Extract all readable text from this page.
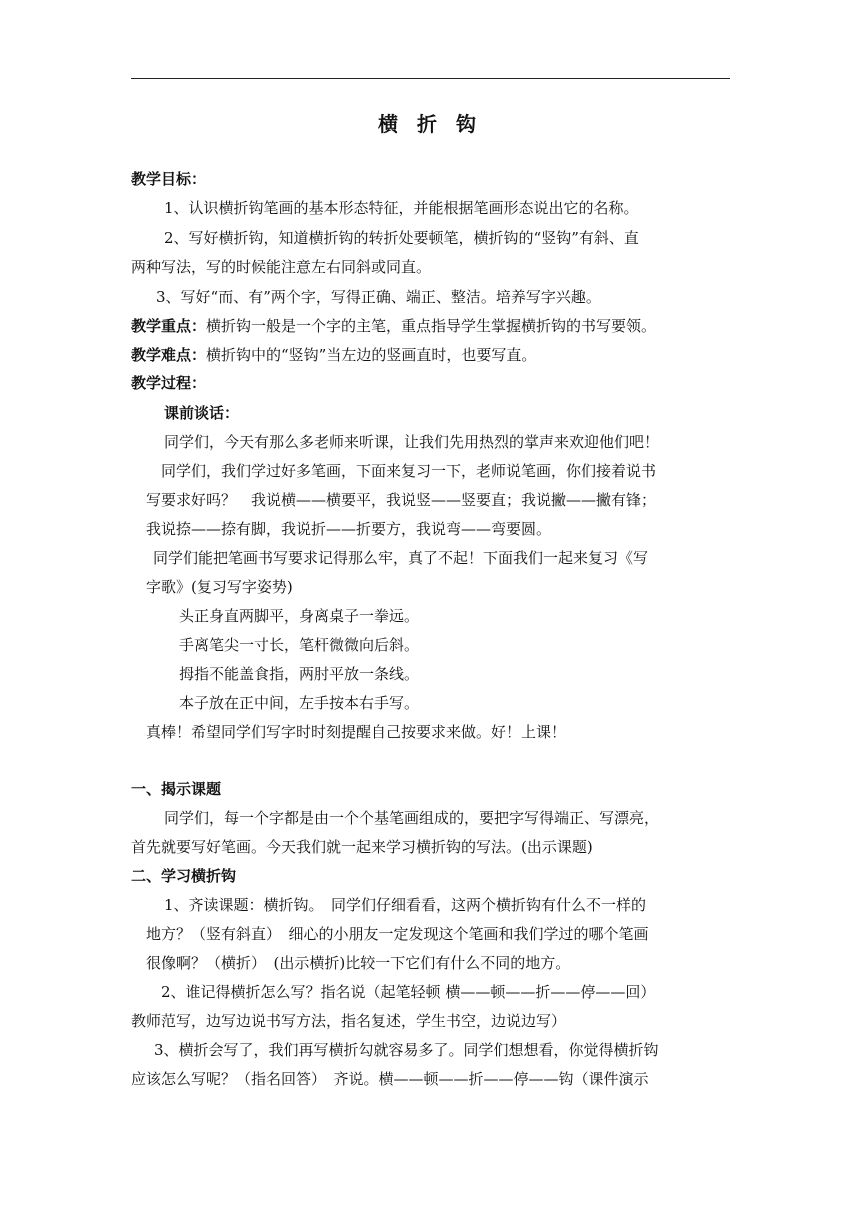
横 折 钩
教学目标：
1、认识横折钩笔画的基本形态特征，并能根据笔画形态说出它的名称。
2、写好横折钩，知道横折钩的转折处要顿笔，横折钩的“竖钩”有斜、直
两种写法，写的时候能注意左右同斜或同直。
3、写好“而、有”两个字，写得正确、端正、整洁。培养写字兴趣。
教学重点：横折钩一般是一个字的主笔，重点指导学生掌握横折钩的书写要领。
教学难点：横折钩中的“竖钩”当左边的竖画直时，也要写直。
教学过程：
课前谈话：
同学们，今天有那么多老师来听课，让我们先用热烈的掌声来欢迎他们吧！
同学们，我们学过好多笔画，下面来复习一下，老师说笔画，你们接着说书
写要求好吗？　我说横——横要平，我说竖——竖要直；我说撇——撇有锋；
我说捺——捺有脚，我说折——折要方，我说弯——弯要圆。
同学们能把笔画书写要求记得那么牢，真了不起！下面我们一起来复习《写
字歌》(复习写字姿势)
头正身直两脚平，身离桌子一拳远。
手离笔尖一寸长，笔杆微微向后斜。
拇指不能盖食指，两肘平放一条线。
本子放在正中间，左手按本右手写。
真棒！希望同学们写字时时刻提醒自己按要求来做。好！上课！
一、揭示课题
同学们，每一个字都是由一个个基笔画组成的，要把字写得端正、写漂亮，
首先就要写好笔画。今天我们就一起来学习横折钩的写法。(出示课题)
二、学习横折钩
1、齐读课题：横折钩。　同学们仔细看看，这两个横折钩有什么不一样的
地方？（竖有斜直）　细心的小朋友一定发现这个笔画和我们学过的哪个笔画
很像啊？（横折）　(出示横折)比较一下它们有什么不同的地方。
2、谁记得横折怎么写？指名说（起笔轻顿 横——顿——折——停——回）
教师范写，边写边说书写方法，指名复述，学生书空，边说边写）
3、横折会写了，我们再写横折勾就容易多了。同学们想想看，你觉得横折钩
应该怎么写呢？（指名回答）　齐说。横——顿——折——停——钩（课件演示
